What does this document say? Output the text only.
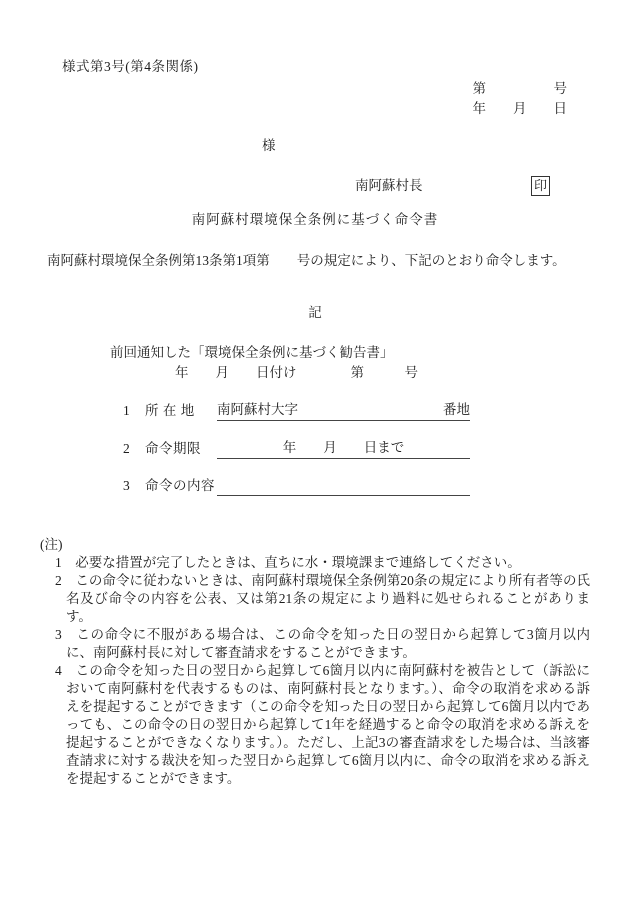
様式第3号(第4条関係)
第　　　　　号
年　　月　　日
様
南阿蘇村長	印
南阿蘇村環境保全条例に基づく命令書
南阿蘇村環境保全条例第13条第1項第　　号の規定により、下記のとおり命令します。
記
前回通知した「環境保全条例に基づく勧告書」
年　　月　　日付け　　　　第　　　号
1	所 在 地	南阿蘇村大字	番地
2	命令期限	年　　月　　日まで
3	命令の内容
(注)
1　必要な措置が完了したときは、直ちに水・環境課まで連絡してください。
2　この命令に従わないときは、南阿蘇村環境保全条例第20条の規定により所有者等の氏名及び命令の内容を公表、又は第21条の規定により過料に処せられることがあります。
3　この命令に不服がある場合は、この命令を知った日の翌日から起算して3箇月以内に、南阿蘇村長に対して審査請求をすることができます。
4　この命令を知った日の翌日から起算して6箇月以内に南阿蘇村を被告として（訴訟において南阿蘇村を代表するものは、南阿蘇村長となります。）、命令の取消を求める訴えを提起することができます（この命令を知った日の翌日から起算して6箇月以内であっても、この命令の日の翌日から起算して1年を経過すると命令の取消を求める訴えを提起することができなくなります。）。ただし、上記3の審査請求をした場合は、当該審査請求に対する裁決を知った翌日から起算して6箇月以内に、命令の取消を求める訴えを提起することができます。
